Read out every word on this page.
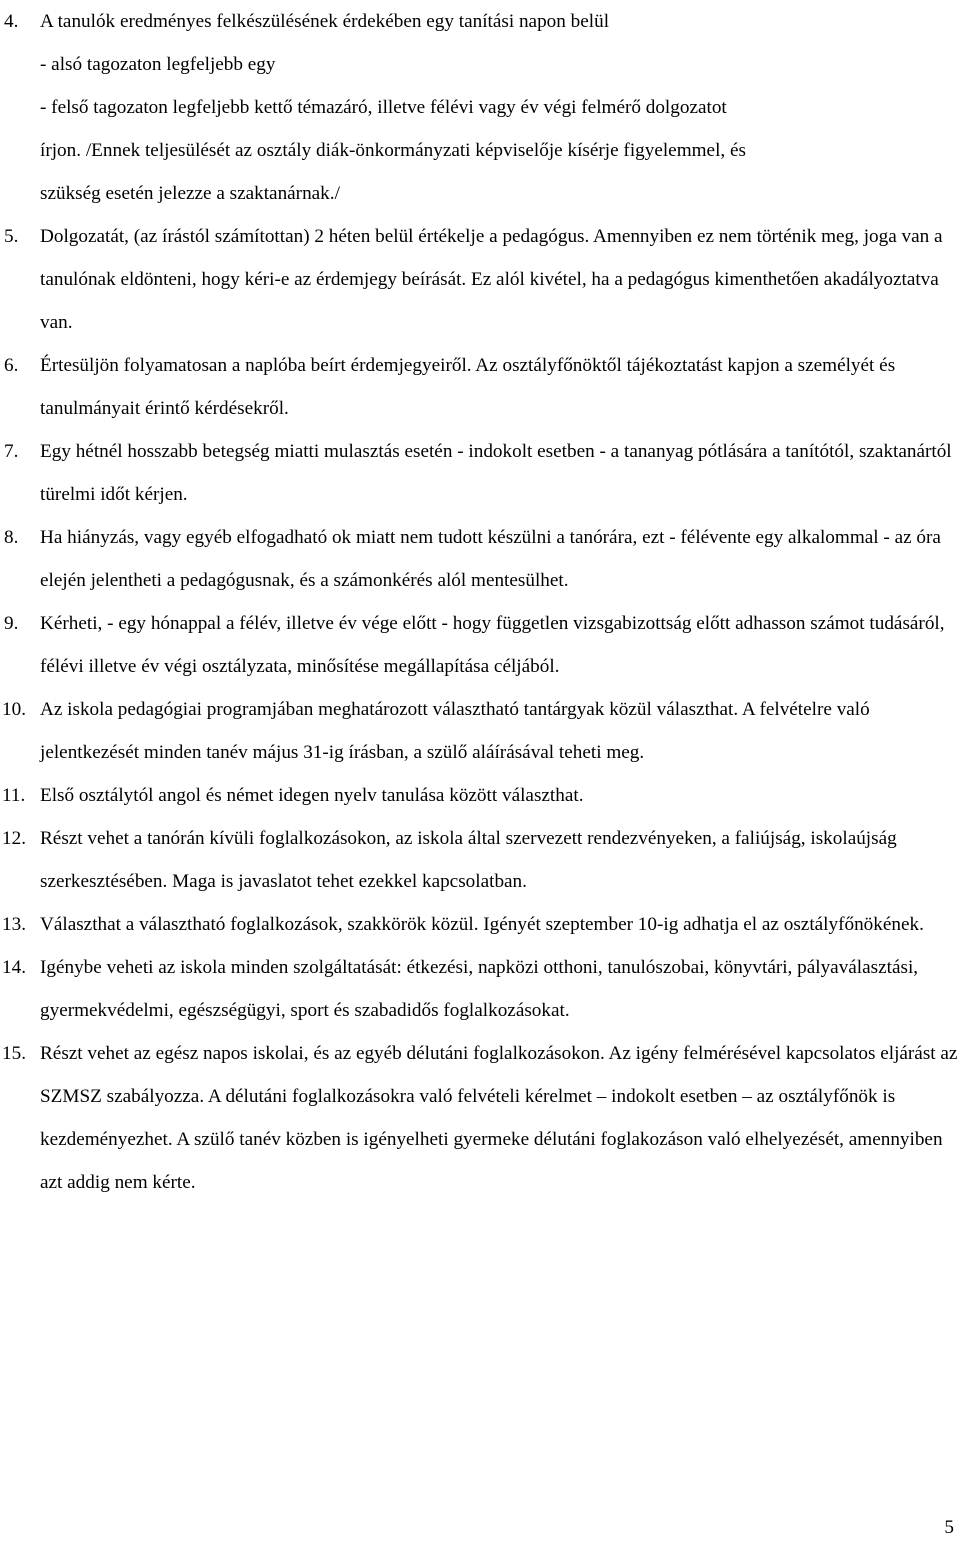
4. A tanulók eredményes felkészülésének érdekében egy tanítási napon belül
- alsó tagozaton legfeljebb egy
- felső tagozaton legfeljebb kettő témazáró, illetve félévi vagy év végi felmérő dolgozatot
írjon. /Ennek teljesülését az osztály diák-önkormányzati képviselője kísérje figyelemmel, és
szükség esetén jelezze a szaktanárnak./
5. Dolgozatát, (az írástól számítottan) 2 héten belül értékelje a pedagógus. Amennyiben ez nem történik meg, joga van a tanulónak eldönteni, hogy kéri-e az érdemjegy beírását. Ez alól kivétel, ha a pedagógus kimenthetően akadályoztatva van.
6. Értesüljön folyamatosan a naplóba beírt érdemjegyeiről. Az osztályfőnöktől tájékoztatást kapjon a személyét és tanulmányait érintő kérdésekről.
7. Egy hétnél hosszabb betegség miatti mulasztás esetén - indokolt esetben - a tananyag pótlására a tanítótól, szaktanártól türelmi időt kérjen.
8. Ha hiányzás, vagy egyéb elfogadható ok miatt nem tudott készülni a tanórára, ezt - félévente egy alkalommal - az óra elején jelentheti a pedagógusnak, és a számonkérés alól mentesülhet.
9. Kérheti, - egy hónappal a félév, illetve év vége előtt - hogy független vizsgabizottság előtt adhasson számot tudásáról, félévi illetve év végi osztályzata, minősítése megállapítása céljából.
10. Az iskola pedagógiai programjában meghatározott választható tantárgyak közül választhat. A felvételre való jelentkezését minden tanév május 31-ig írásban, a szülő aláírásával teheti meg.
11. Első osztálytól angol és német idegen nyelv tanulása között választhat.
12. Részt vehet a tanórán kívüli foglalkozásokon, az iskola által szervezett rendezvényeken, a faliújság, iskolaújság szerkesztésében. Maga is javaslatot tehet ezekkel kapcsolatban.
13. Választhat a választható foglalkozások, szakkörök közül. Igényét szeptember 10-ig adhatja el az osztályfőnökének.
14. Igénybe veheti az iskola minden szolgáltatását: étkezési, napközi otthoni, tanulószobai, könyvtári, pályaválasztási, gyermekvédelmi, egészségügyi, sport és szabadidős foglalkozásokat.
15. Részt vehet az egész napos iskolai, és az egyéb délutáni foglalkozásokon. Az igény felmérésével kapcsolatos eljárást az SZMSZ szabályozza. A délutáni foglalkozásokra való felvételi kérelmet – indokolt esetben – az osztályfőnök is kezdeményezhet. A szülő tanév közben is igényelheti gyermeke délutáni foglakozáson való elhelyezését, amennyiben azt addig nem kérte.
5
